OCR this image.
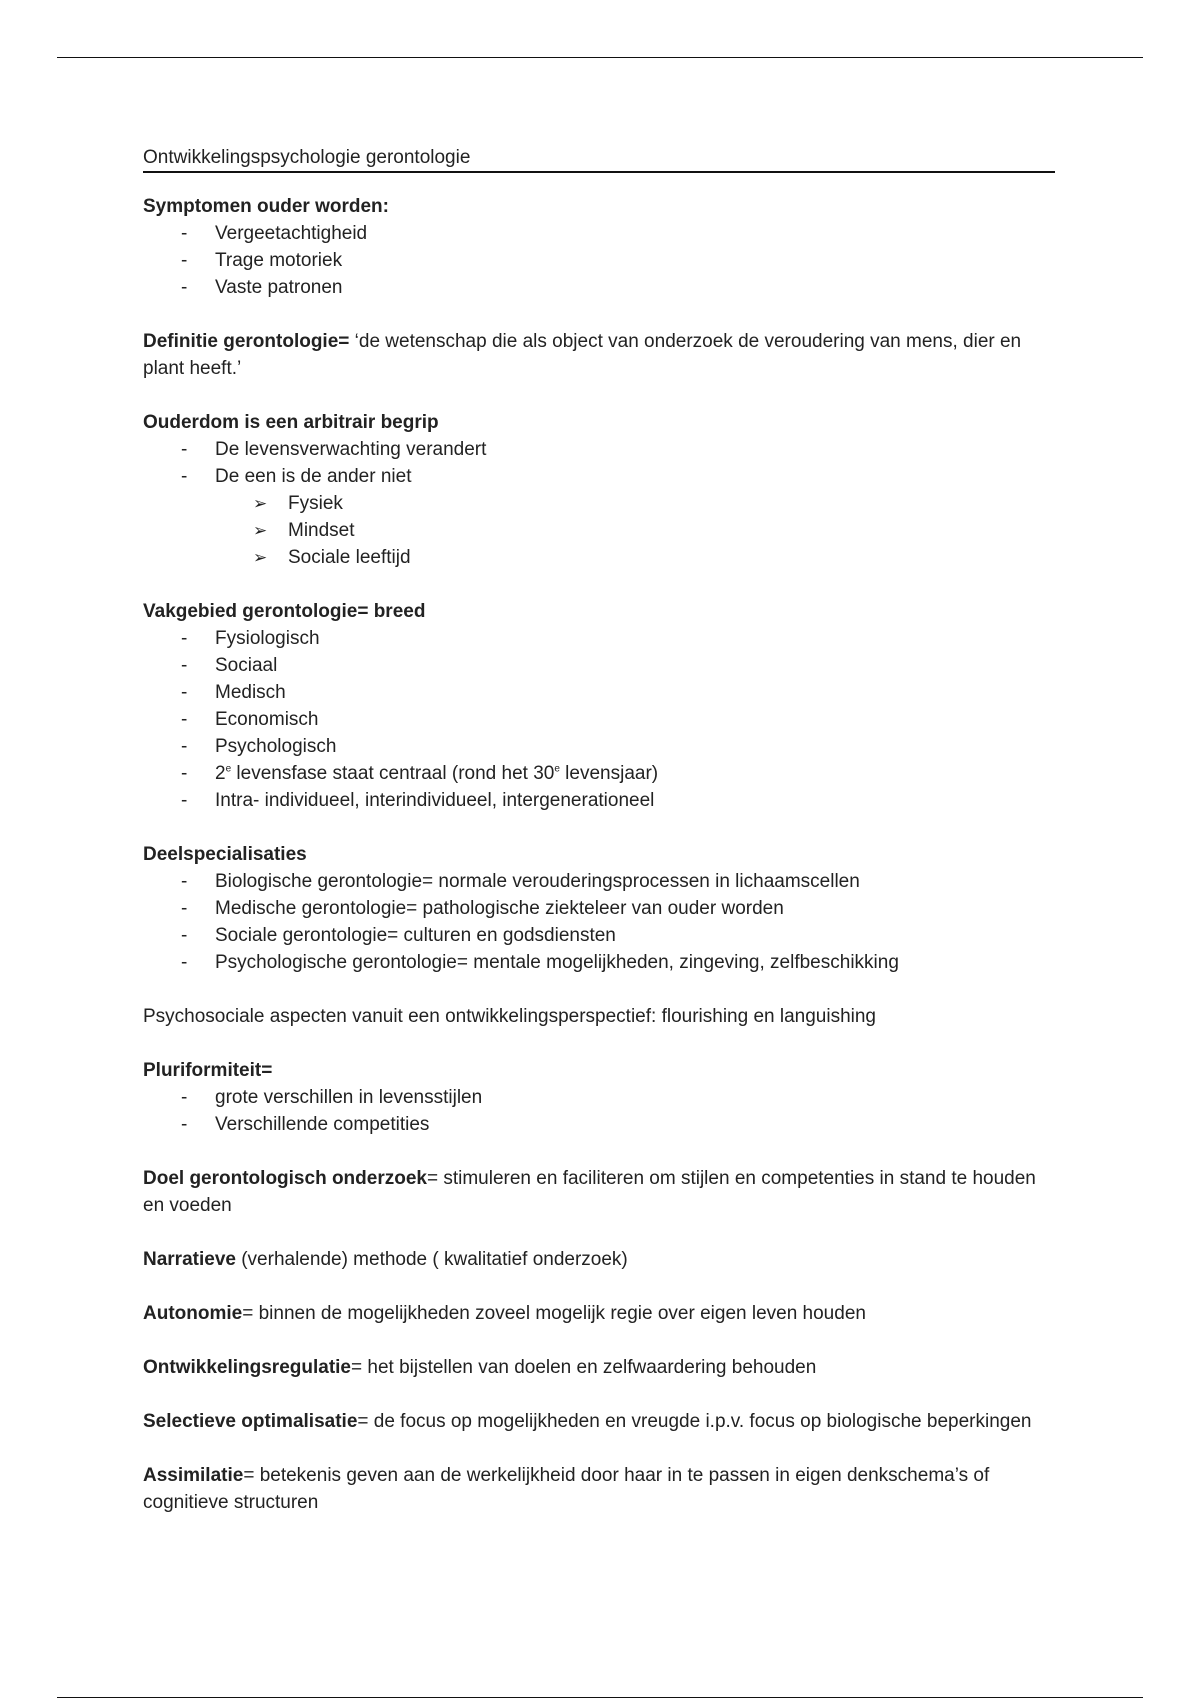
Ontwikkelingspsychologie gerontologie
Symptomen ouder worden:
- Vergeetachtigheid
- Trage motoriek
- Vaste patronen

Definitie gerontologie= ‘de wetenschap die als object van onderzoek de veroudering van mens, dier en plant heeft.’

Ouderdom is een arbitrair begrip
- De levensverwachting verandert
- De een is de ander niet
➢ Fysiek
➢ Mindset
➢ Sociale leeftijd
Vakgebied gerontologie= breed
- Fysiologisch
- Sociaal
- Medisch
- Economisch
- Psychologisch
- 2e levensfase staat centraal (rond het 30e levensjaar)
- Intra- individueel, interindividueel, intergenerationeel
Deelspecialisaties
- Biologische gerontologie= normale verouderingsprocessen in lichaamscellen
- Medische gerontologie= pathologische ziekteleer van ouder worden
- Sociale gerontologie= culturen en godsdiensten
- Psychologische gerontologie= mentale mogelijkheden, zingeving, zelfbeschikking

Psychosociale aspecten vanuit een ontwikkelingsperspectief: flourishing en languishing

Pluriformiteit=
- grote verschillen in levensstijlen
- Verschillende competities

Doel gerontologisch onderzoek= stimuleren en faciliteren om stijlen en competenties in stand te houden en voeden

Narratieve (verhalende) methode ( kwalitatief onderzoek)

Autonomie= binnen de mogelijkheden zoveel mogelijk regie over eigen leven houden

Ontwikkelingsregulatie= het bijstellen van doelen en zelfwaardering behouden

Selectieve optimalisatie= de focus op mogelijkheden en vreugde i.p.v. focus op biologische beperkingen

Assimilatie= betekenis geven aan de werkelijkheid door haar in te passen in eigen denkschema’s of cognitieve structuren
